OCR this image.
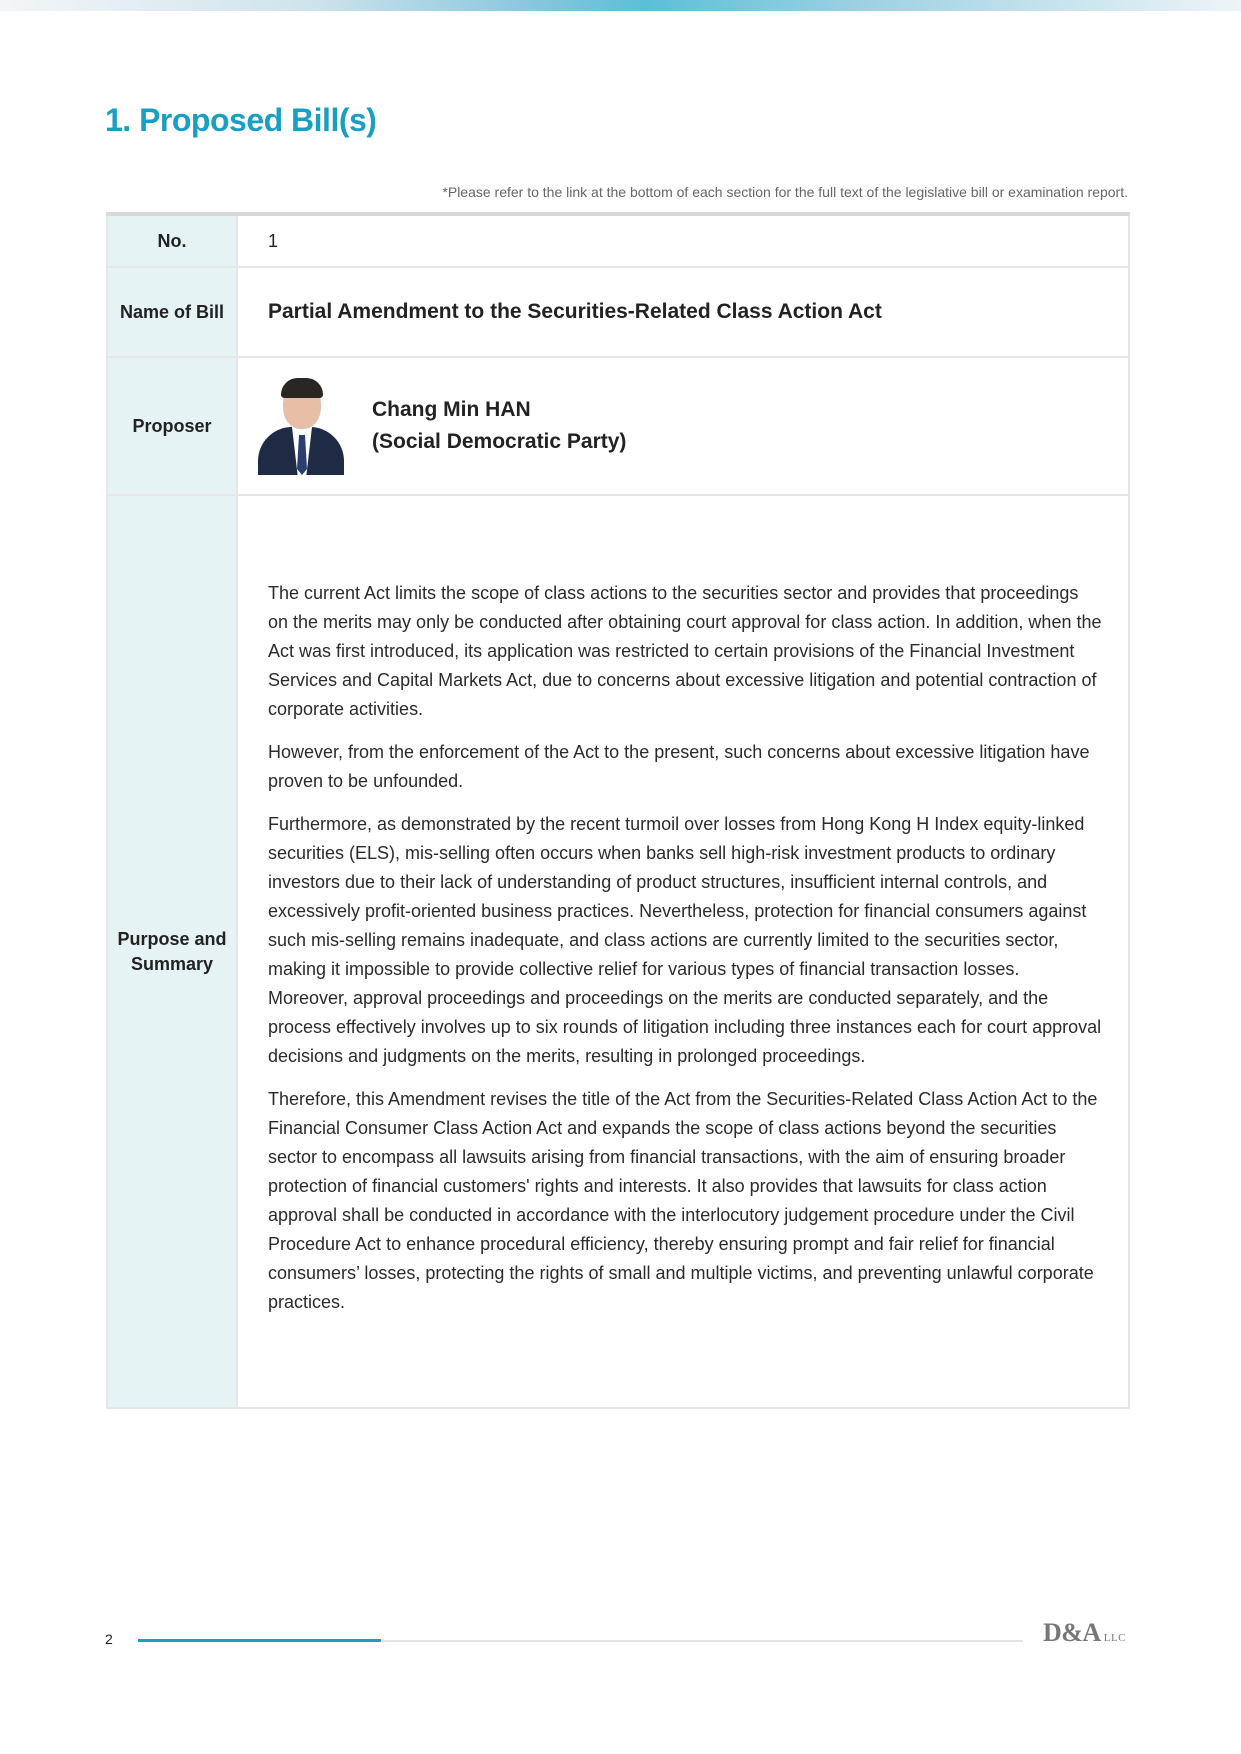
1. Proposed Bill(s)
*Please refer to the link at the bottom of each section for the full text of the legislative bill or examination report.
No.	1
Name of Bill	Partial Amendment to the Securities-Related Class Action Act
Proposer	Chang Min HAN
(Social Democratic Party)

Purpose and Summary	The current Act limits the scope of class actions to the securities sector and provides that proceedings on the merits may only be conducted after obtaining court approval for class action. In addition, when the Act was first introduced, its application was restricted to certain provisions of the Financial Investment Services and Capital Markets Act, due to concerns about excessive litigation and potential contraction of corporate activities.

However, from the enforcement of the Act to the present, such concerns about excessive litigation have proven to be unfounded.

Furthermore, as demonstrated by the recent turmoil over losses from Hong Kong H Index equity-linked securities (ELS), mis-selling often occurs when banks sell high-risk investment products to ordinary investors due to their lack of understanding of product structures, insufficient internal controls, and excessively profit-oriented business practices. Nevertheless, protection for financial consumers against such mis-selling remains inadequate, and class actions are currently limited to the securities sector, making it impossible to provide collective relief for various types of financial transaction losses. Moreover, approval proceedings and proceedings on the merits are conducted separately, and the process effectively involves up to six rounds of litigation including three instances each for court approval decisions and judgments on the merits, resulting in prolonged proceedings.

Therefore, this Amendment revises the title of the Act from the Securities-Related Class Action Act to the Financial Consumer Class Action Act and expands the scope of class actions beyond the securities sector to encompass all lawsuits arising from financial transactions, with the aim of ensuring broader protection of financial customers' rights and interests. It also provides that lawsuits for class action approval shall be conducted in accordance with the interlocutory judgement procedure under the Civil Procedure Act to enhance procedural efficiency, thereby ensuring prompt and fair relief for financial consumers’ losses, protecting the rights of small and multiple victims, and preventing unlawful corporate practices.

2	D&A LLC
